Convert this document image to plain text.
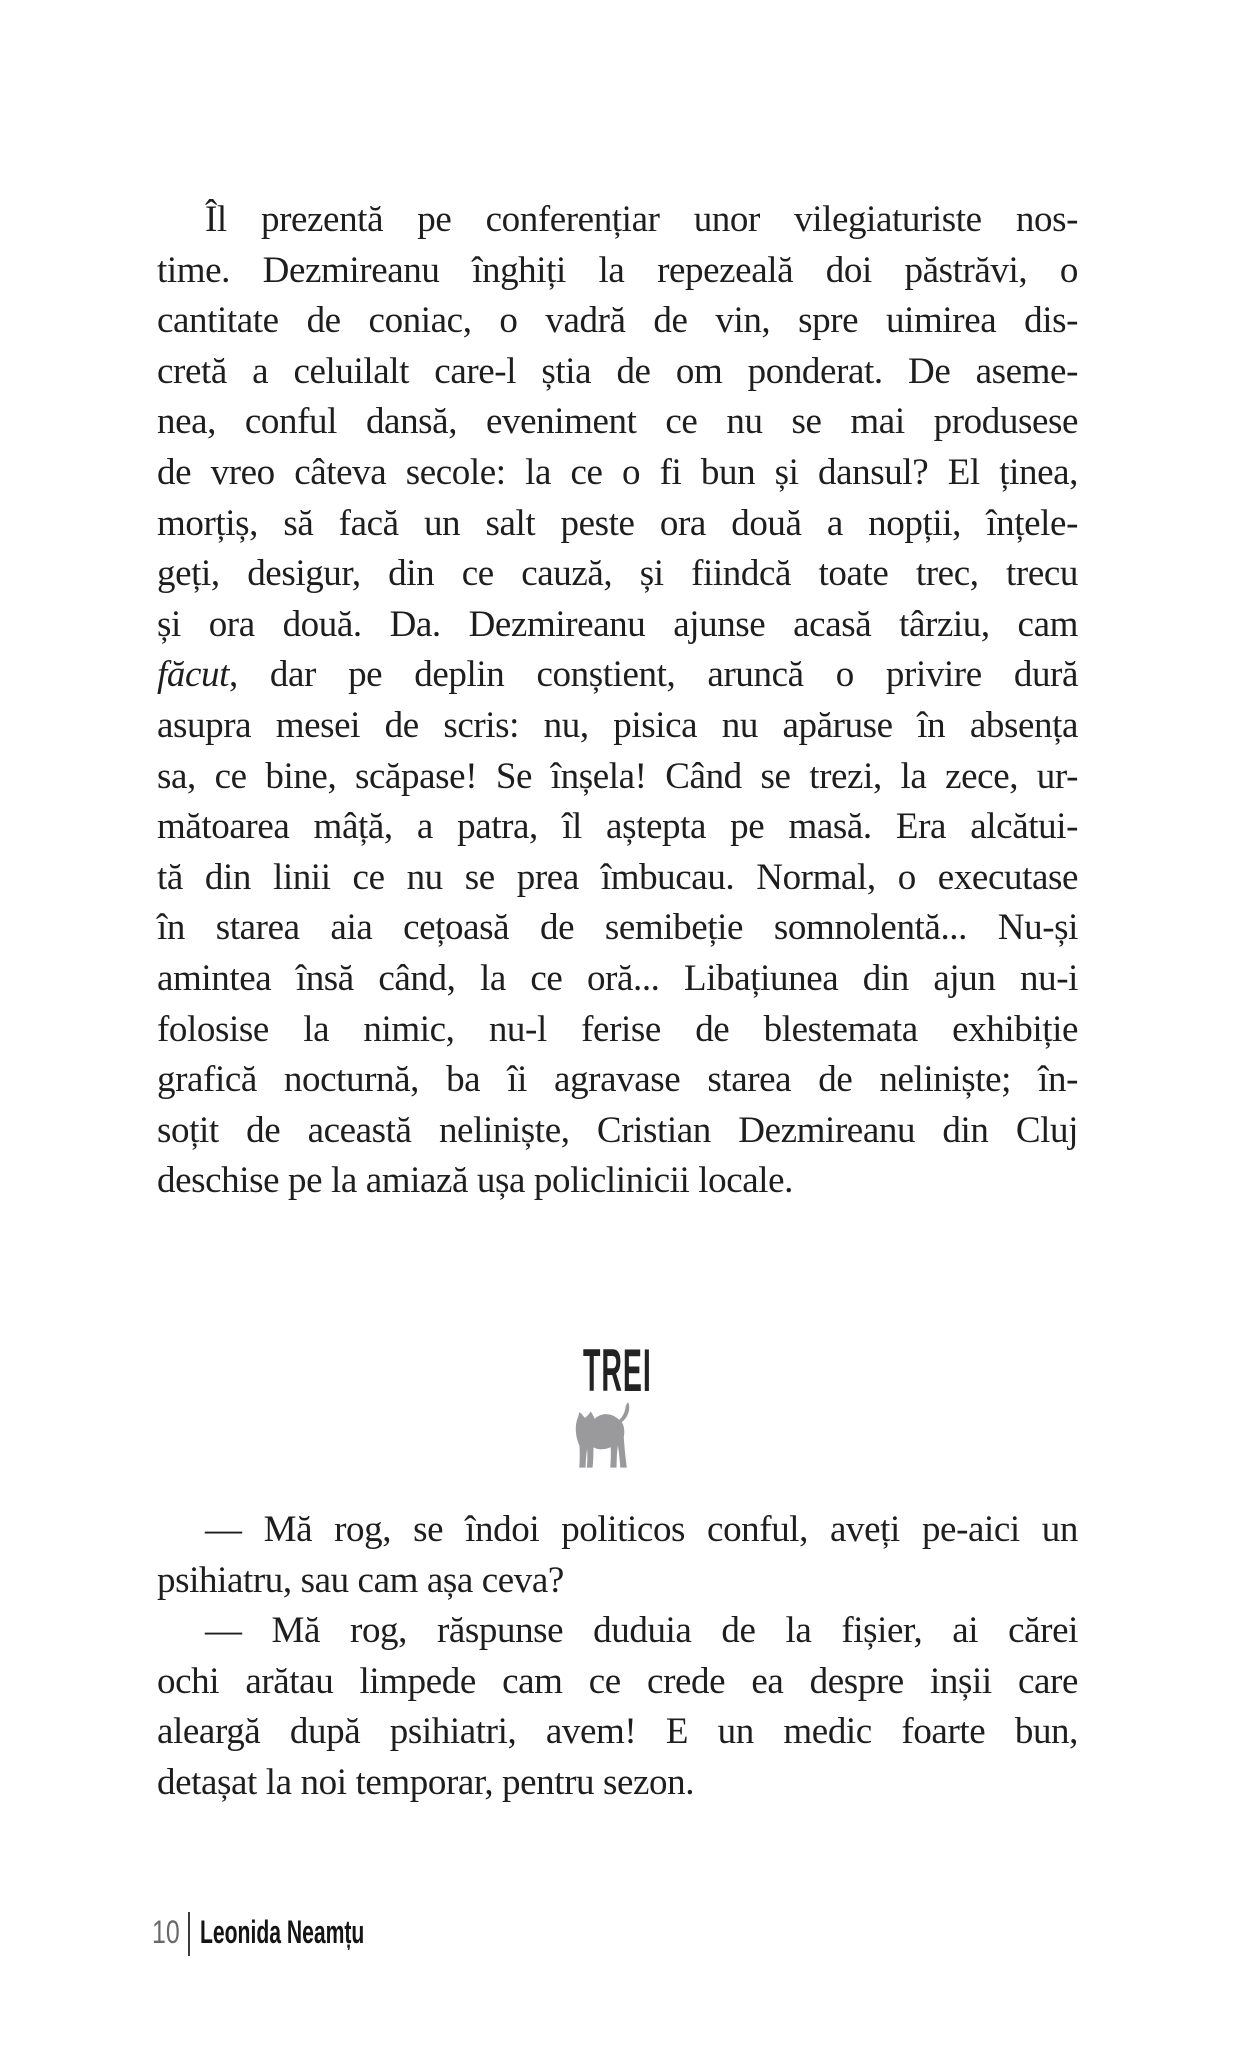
Îl prezentă pe conferențiar unor vilegiaturiste nos-
time. Dezmireanu înghiți la repezeală doi păstrăvi, o
cantitate de coniac, o vadră de vin, spre uimirea dis-
cretă a celuilalt care-l știa de om ponderat. De aseme-
nea, conful dansă, eveniment ce nu se mai produsese
de vreo câteva secole: la ce o fi bun și dansul? El ținea,
morțiș, să facă un salt peste ora două a nopții, înțele-
geți, desigur, din ce cauză, și fiindcă toate trec, trecu
și ora două. Da. Dezmireanu ajunse acasă târziu, cam
făcut, dar pe deplin conștient, aruncă o privire dură
asupra mesei de scris: nu, pisica nu apăruse în absența
sa, ce bine, scăpase! Se înșela! Când se trezi, la zece, ur-
mătoarea mâță, a patra, îl aștepta pe masă. Era alcătui-
tă din linii ce nu se prea îmbucau. Normal, o executase
în starea aia cețoasă de semibeție somnolentă... Nu-și
amintea însă când, la ce oră... Libațiunea din ajun nu-i
folosise la nimic, nu-l ferise de blestemata exhibiție
grafică nocturnă, ba îi agravase starea de neliniște; în-
soțit de această neliniște, Cristian Dezmireanu din Cluj
deschise pe la amiază ușa policlinicii locale.
TREI
— Mă rog, se îndoi politicos conful, aveți pe-aici un
psihiatru, sau cam așa ceva?
— Mă rog, răspunse duduia de la fișier, ai cărei
ochi arătau limpede cam ce crede ea despre inșii care
aleargă după psihiatri, avem! E un medic foarte bun,
detașat la noi temporar, pentru sezon.
10 Leonida Neamțu
